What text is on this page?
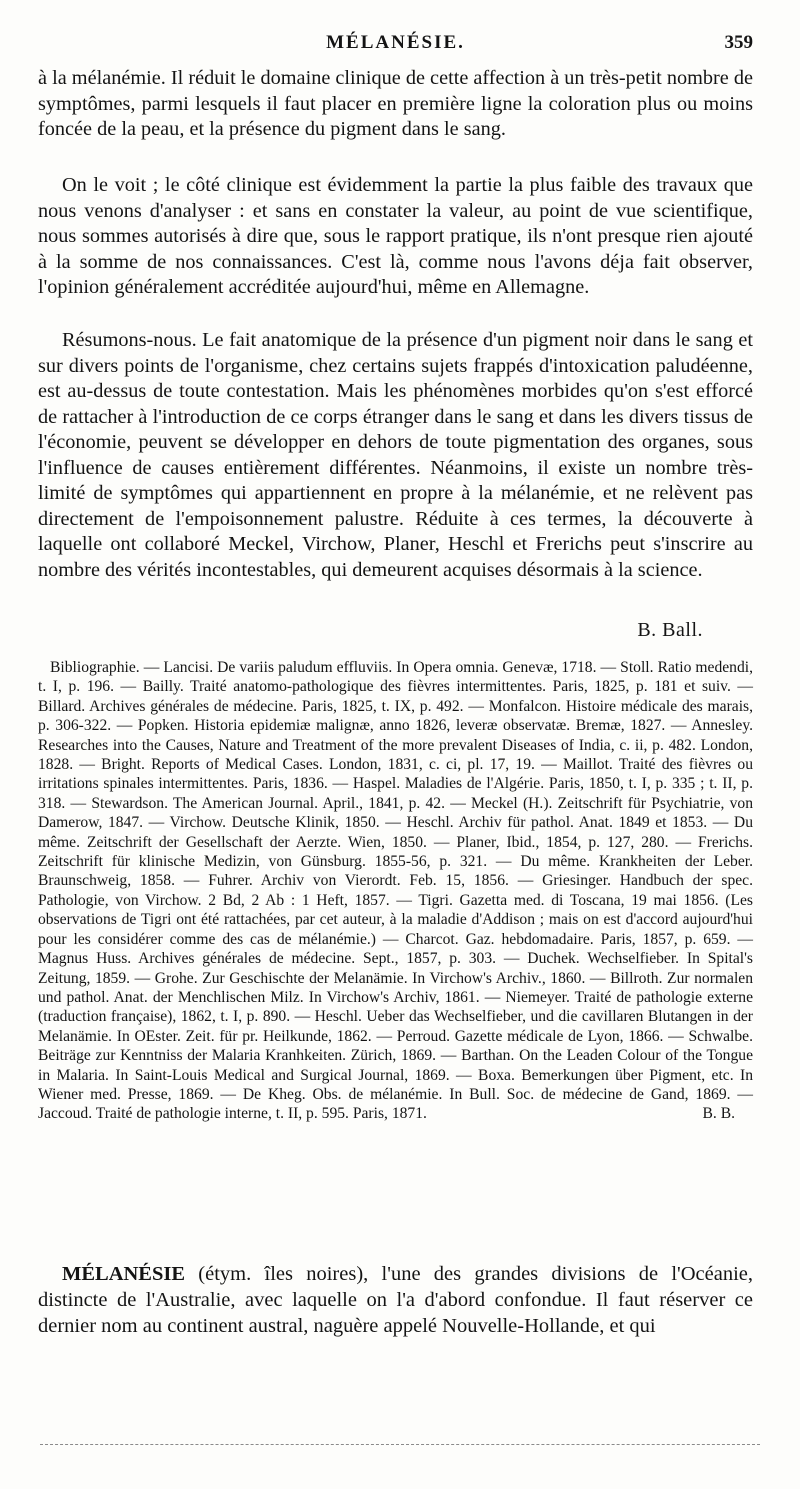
MÉLANÉSIE.	359

à la mélanémie. Il réduit le domaine clinique de cette affection à un très-petit nombre de symptômes, parmi lesquels il faut placer en première ligne la coloration plus ou moins foncée de la peau, et la présence du pigment dans le sang.

On le voit ; le côté clinique est évidemment la partie la plus faible des travaux que nous venons d'analyser : et sans en constater la valeur, au point de vue scientifique, nous sommes autorisés à dire que, sous le rapport pratique, ils n'ont presque rien ajouté à la somme de nos connaissances. C'est là, comme nous l'avons déja fait observer, l'opinion généralement accréditée aujourd'hui, même en Allemagne.

Résumons-nous. Le fait anatomique de la présence d'un pigment noir dans le sang et sur divers points de l'organisme, chez certains sujets frappés d'intoxication paludéenne, est au-dessus de toute contestation. Mais les phénomènes morbides qu'on s'est efforcé de rattacher à l'introduction de ce corps étranger dans le sang et dans les divers tissus de l'économie, peuvent se développer en dehors de toute pigmentation des organes, sous l'influence de causes entièrement différentes. Néanmoins, il existe un nombre très-limité de symptômes qui appartiennent en propre à la mélanémie, et ne relèvent pas directement de l'empoisonnement palustre. Réduite à ces termes, la découverte à laquelle ont collaboré Meckel, Virchow, Planer, Heschl et Frerichs peut s'inscrire au nombre des vérités incontestables, qui demeurent acquises désormais à la science.

B. Ball.

Bibliographie. — Lancisi. De variis paludum effluviis. In Opera omnia. Genevæ, 1718. — Stoll. Ratio medendi, t. I, p. 196. — Bailly. Traité anatomo-pathologique des fièvres intermittentes. Paris, 1825, p. 181 et suiv. — Billard. Archives générales de médecine. Paris, 1825, t. IX, p. 492. — Monfalcon. Histoire médicale des marais, p. 306-322. — Popken. Historia epidemiæ malignæ, anno 1826, leveræ observatæ. Bremæ, 1827. — Annesley. Researches into the Causes, Nature and Treatment of the more prevalent Diseases of India, c. ii, p. 482. London, 1828. — Bright. Reports of Medical Cases. London, 1831, c. ci, pl. 17, 19. — Maillot. Traité des fièvres ou irritations spinales intermittentes. Paris, 1836. — Haspel. Maladies de l'Algérie. Paris, 1850, t. I, p. 335 ; t. II, p. 318. — Stewardson. The American Journal. April., 1841, p. 42. — Meckel (H.). Zeitschrift für Psychiatrie, von Damerow, 1847. — Virchow. Deutsche Klinik, 1850. — Heschl. Archiv für pathol. Anat. 1849 et 1853. — Du même. Zeitschrift der Gesellschaft der Aerzte. Wien, 1850. — Planer, Ibid., 1854, p. 127, 280. — Frerichs. Zeitschrift für klinische Medizin, von Günsburg. 1855-56, p. 321. — Du même. Krankheiten der Leber. Braunschweig, 1858. — Fuhrer. Archiv von Vierordt. Feb. 15, 1856. — Griesinger. Handbuch der spec. Pathologie, von Virchow. 2 Bd, 2 Ab : 1 Heft, 1857. — Tigri. Gazetta med. di Toscana, 19 mai 1856. (Les observations de Tigri ont été rattachées, par cet auteur, à la maladie d'Addison ; mais on est d'accord aujourd'hui pour les considérer comme des cas de mélanémie.) — Charcot. Gaz. hebdomadaire. Paris, 1857, p. 659. — Magnus Huss. Archives générales de médecine. Sept., 1857, p. 303. — Duchek. Wechselfieber. In Spital's Zeitung, 1859. — Grohe. Zur Geschischte der Melanämie. In Virchow's Archiv., 1860. — Billroth. Zur normalen und pathol. Anat. der Menchlischen Milz. In Virchow's Archiv, 1861. — Niemeyer. Traité de pathologie externe (traduction française), 1862, t. I, p. 890. — Heschl. Ueber das Wechselfieber, und die cavillaren Blutangen in der Melanämie. In OEster. Zeit. für pr. Heilkunde, 1862. — Perroud. Gazette médicale de Lyon, 1866. — Schwalbe. Beiträge zur Kenntniss der Malaria Kranhkeiten. Zürich, 1869. — Barthan. On the Leaden Colour of the Tongue in Malaria. In Saint-Louis Medical and Surgical Journal, 1869. — Boxa. Bemerkungen über Pigment, etc. In Wiener med. Presse, 1869. — De Kheg. Obs. de mélanémie. In Bull. Soc. de médecine de Gand, 1869. — Jaccoud. Traité de pathologie interne, t. II, p. 595. Paris, 1871.	B. B.

MÉLANÉSIE (étym. îles noires), l'une des grandes divisions de l'Océanie, distincte de l'Australie, avec laquelle on l'a d'abord confondue. Il faut réserver ce dernier nom au continent austral, naguère appelé Nouvelle-Hollande, et qui
